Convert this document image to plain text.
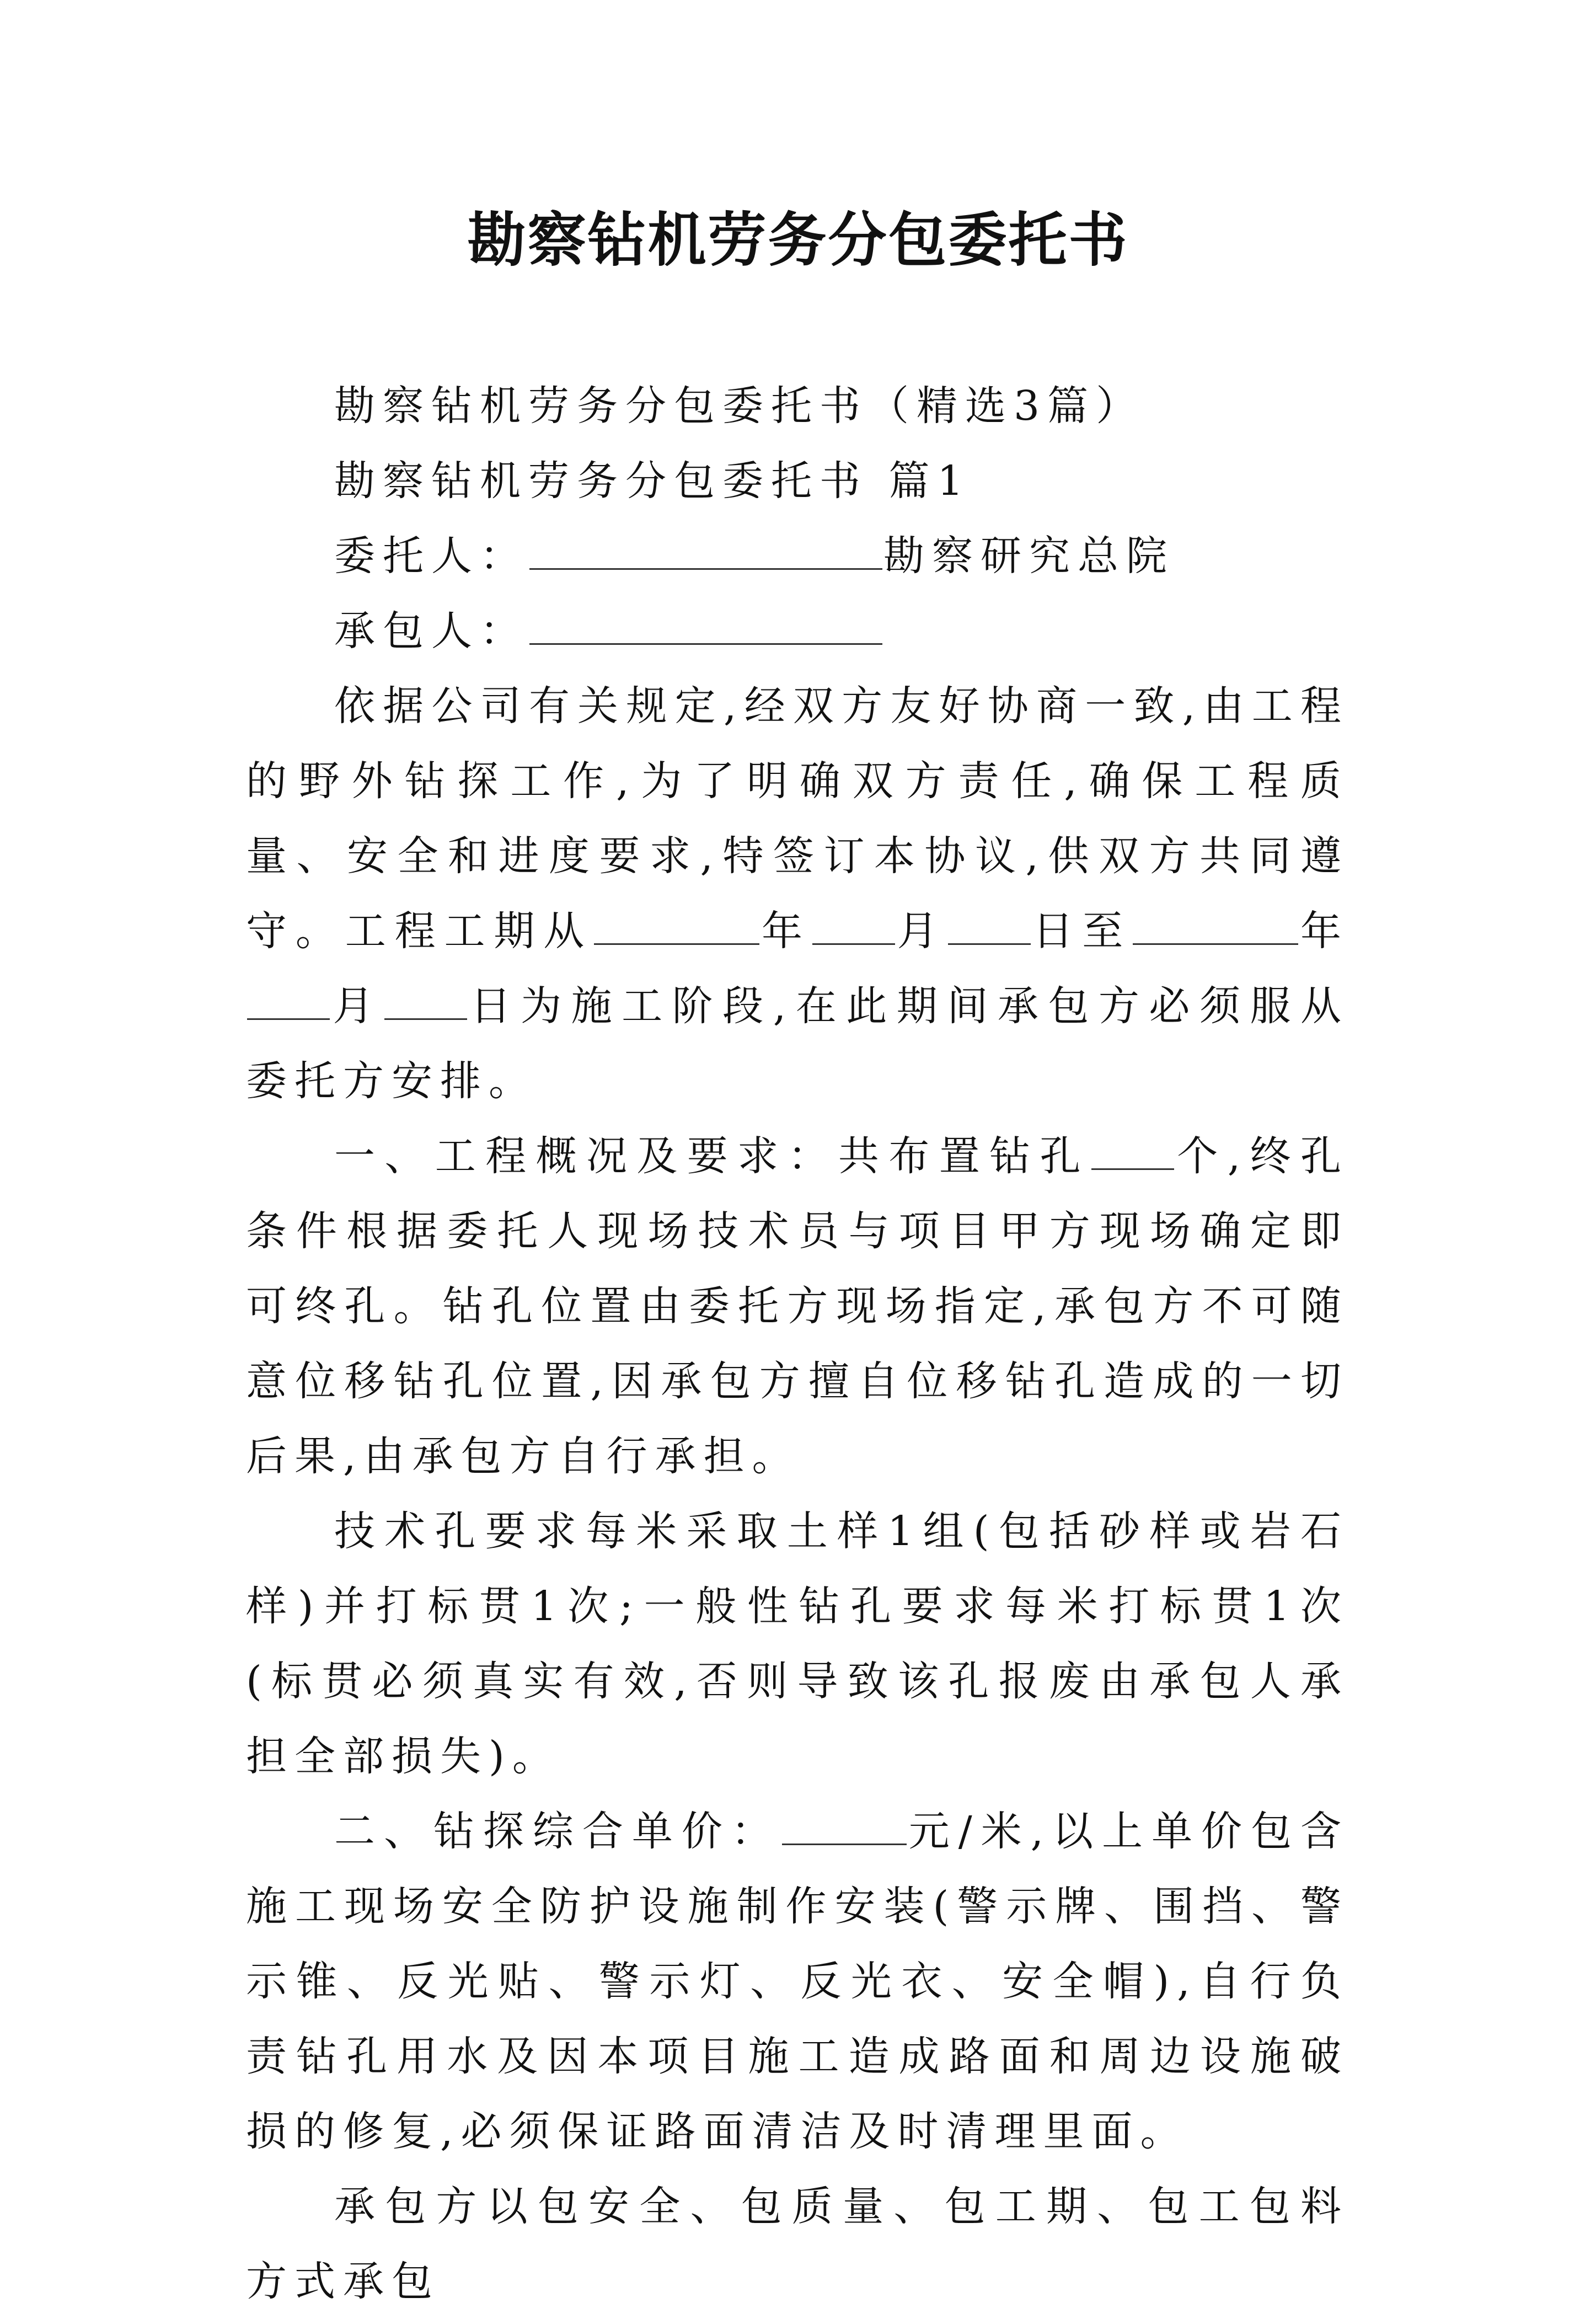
勘察钻机劳务分包委托书

勘察钻机劳务分包委托书（精选3篇）

勘察钻机劳务分包委托书 篇1

委托人：	勘察研究总院

承包人：

依据公司有关规定,经双方友好协商一致,由工程的野外钻探工作,为了明确双方责任,确保工程质量、安全和进度要求,特签订本协议,供双方共同遵守。工程工期从	年 月 日至	年月 日为施工阶段,在此期间承包方必须服从委托方安排。

一、工程概况及要求：共布置钻孔 个,终孔条件根据委托人现场技术员与项目甲方现场确定即可终孔。钻孔位置由委托方现场指定,承包方不可随意位移钻孔位置,因承包方擅自位移钻孔造成的一切后果,由承包方自行承担。

技术孔要求每米采取土样1组(包括砂样或岩石样)并打标贯1次;一般性钻孔要求每米打标贯1次(标贯必须真实有效,否则导致该孔报废由承包人承担全部损失)。

二、钻探综合单价：	元/米,以上单价包含施工现场安全防护设施制作安装(警示牌、围挡、警示锥、反光贴、警示灯、反光衣、安全帽),自行负责钻孔用水及因本项目施工造成路面和周边设施破损的修复,必须保证路面清洁及时清理里面。

承包方以包安全、包质量、包工期、包工包料方式承包
